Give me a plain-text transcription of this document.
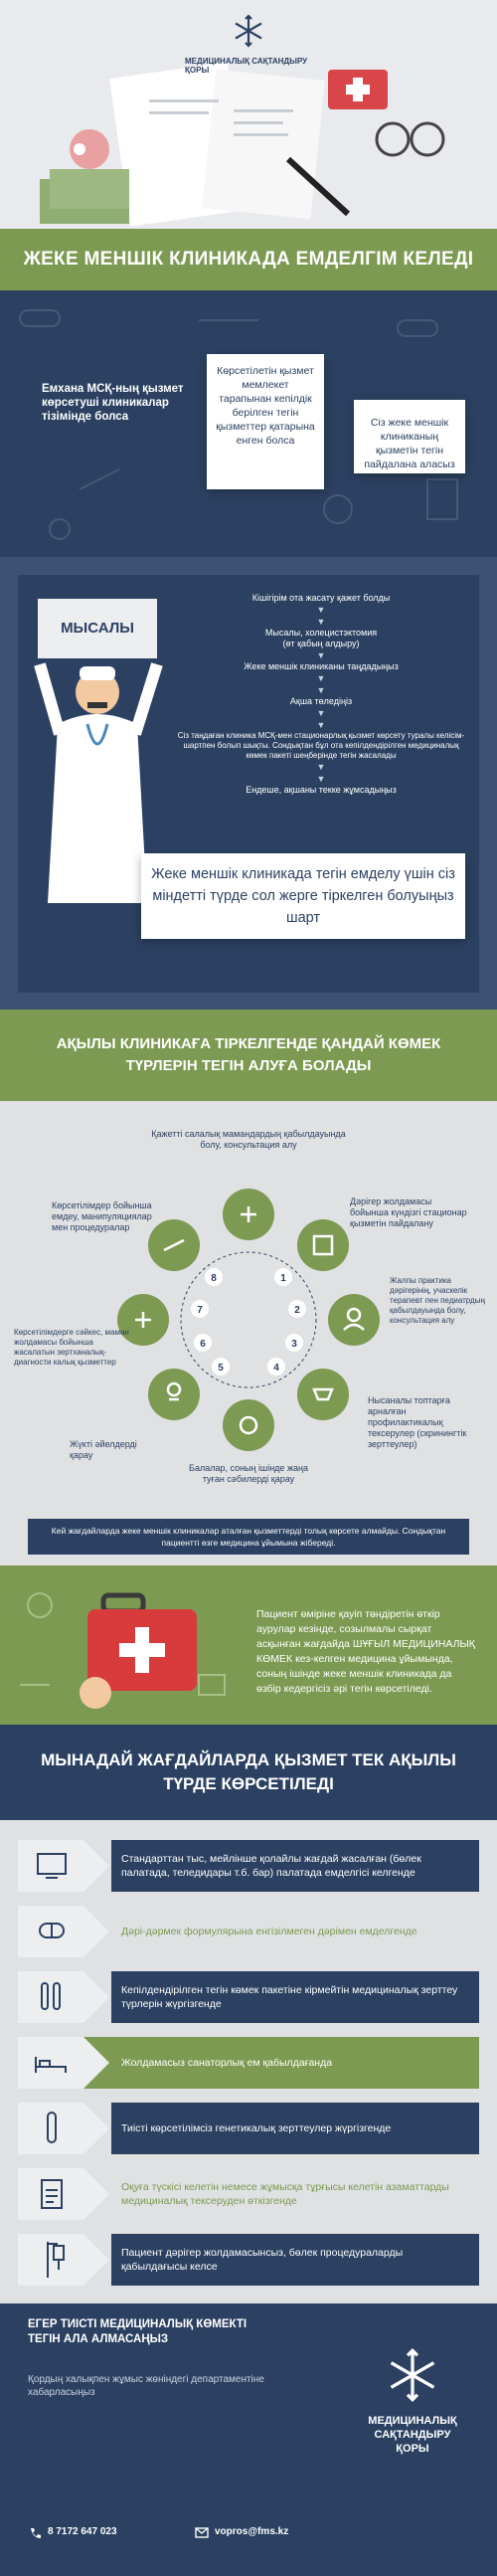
МЕДИЦИНАЛЫҚ САҚТАНДЫРУ ҚОРЫ
ЖЕКЕ МЕНШІК КЛИНИКАДА ЕМДЕЛГІМ КЕЛЕДІ
Емхана МСҚ-ның қызмет көрсетуші клиникалар тізімінде болса
Көрсетілетін қызмет мемлекет тарапынан кепілдік берілген тегін қызметтер қатарына енген болса
Сіз жеке меншік клиниканың қызметін тегін пайдалана аласыз
МЫСАЛЫ
Кішігірім ота жасату қажет болды
▼
▼
Мысалы, холецистэктомия (өт қабың алдыру)
▼
Жеке меншік клиниканы таңдадыңыз
▼
▼
Ақша төледіңіз
▼
▼
Сіз таңдаған клиника МСҚ-мен стационарлық қызмет көрсету туралы келісім-шартпен болып шықты. Сондықтан бұл ота кепілдендірілген медициналық көмек пакеті шеңберінде тегін жасалады
▼
▼
Ендеше, ақшаны текке жұмсадыңыз
Жеке меншік клиникада тегін емделу үшін сіз міндетті түрде сол жерге тіркелген болуыңыз шарт
АҚЫЛЫ КЛИНИКАҒА ТІРКЕЛГЕНДЕ ҚАНДАЙ КӨМЕК ТҮРЛЕРІН ТЕГІН АЛУҒА БОЛАДЫ
1
2
3
4
5
6
7
8
Қажетті салалық мамандардың қабылдауында болу, консультация алу
Дәрігер жолдамасы бойынша күндізгі стационар қызметін пайдалану
Жалпы практика дәрігерінің, учаскелік терапевт пен педиатрдың қабылдауында болу, консультация алу
Нысаналы топтарға арналған профилактикалық тексерулер (скринингтік зерттеулер)
Балалар, соның ішінде жаңа туған сәбилерді қарау
Жүкті әйелдерді қарау
Көрсетілімдерге сәйкес, маман жолдамасы бойынша жасалатын зертханалық-диагности калық қызметтер
Көрсетілімдер бойынша емдеу, манипуляциялар мен процедуралар
Кей жағдайларда жеке меншік клиникалар аталған қызметтерді толық көрсете алмайды. Сондықтан пациентті өзге медицина ұйымына жібереді.
Пациент өміріне қауіп төндіретін өткір аурулар кезінде, созылмалы сырқат асқынған жағдайда ШҰҒЫЛ МЕДИЦИНАЛЫҚ КӨМЕК кез-келген медицина ұйымында, соның ішінде жеке меншік клиникада да өзбір кедергісіз әрі тегін көрсетіледі.
МЫНАДАЙ ЖАҒДАЙЛАРДА ҚЫЗМЕТ ТЕК АҚЫЛЫ ТҮРДЕ КӨРСЕТІЛЕДІ
Стандарттан тыс, мейлінше қолайлы жағдай жасалған (бөлек палатада, теледидары т.б. бар) палатада емделгісі келгенде
Дәрі-дәрмек формулярына енгізілмеген дәрімен емделгенде
Кепілдендірілген тегін көмек пакетіне кірмейтін медициналық зерттеу түрлерін жүргізгенде
Жолдамасыз санаторлық ем қабылдағанда
Тиісті көрсетілімсіз генетикалық зерттеулер жүргізгенде
Оқуға түскісі келетін немесе жұмысқа тұрғысы келетін азаматтарды медициналық тексеруден өткізгенде
Пациент дәрігер жолдамасынсыз, бөлек процедураларды қабылдағысы келсе
ЕГЕР ТИІСТІ МЕДИЦИНАЛЫҚ КӨМЕКТІ ТЕГІН АЛА АЛМАСАҢЫЗ
Қордың халықпен жұмыс жөніндегі департаментіне хабарласыңыз
8 7172 647 023	vopros@fms.kz
МЕДИЦИНАЛЫҚ САҚТАНДЫРУ ҚОРЫ
